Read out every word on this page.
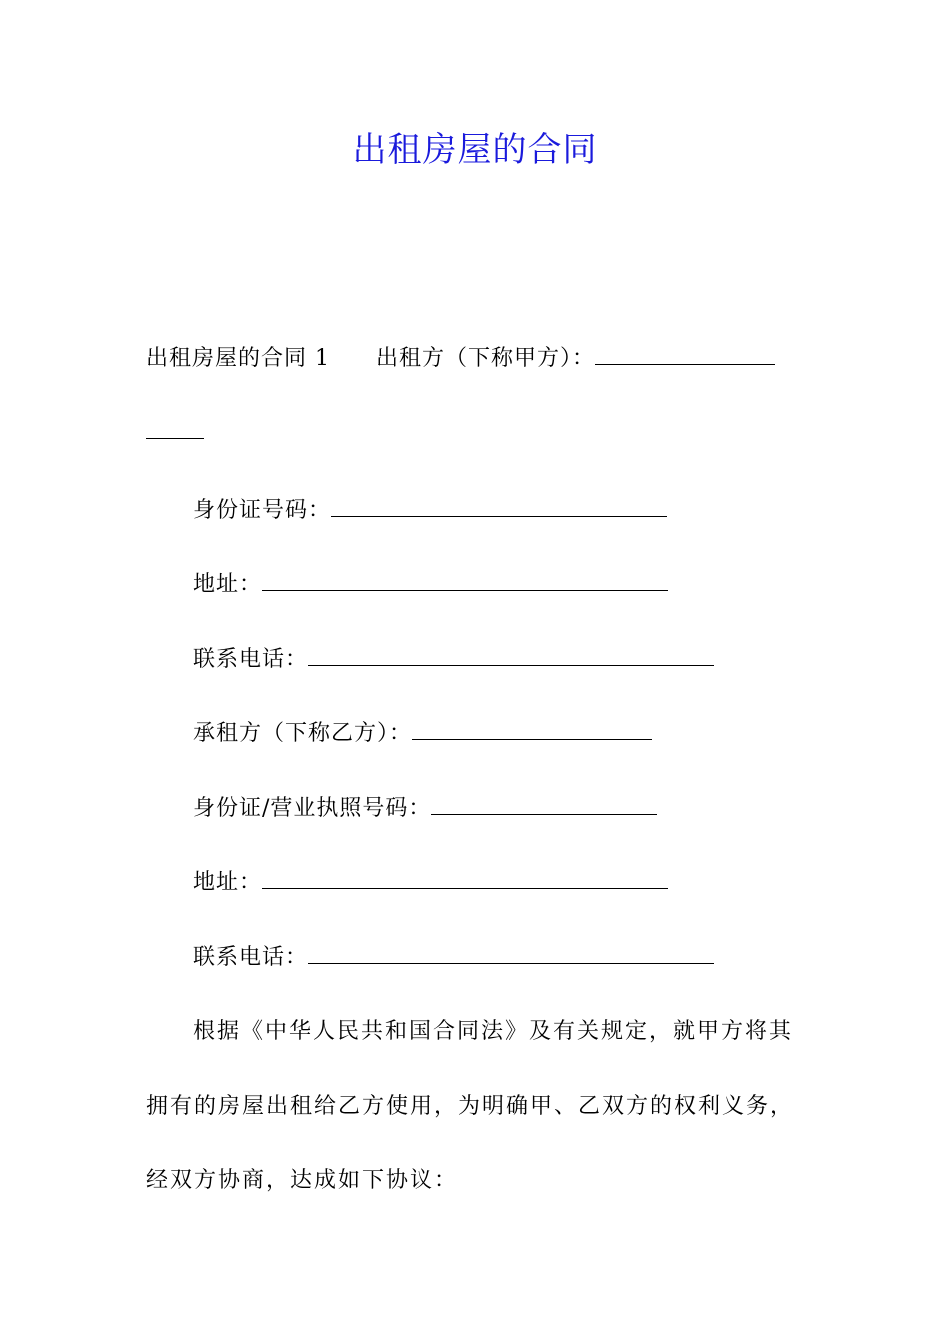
出租房屋的合同
出租房屋的合同 1 出租方（下称甲方）：
身份证号码：
地址：
联系电话：
承租方（下称乙方）：
身份证/营业执照号码：
地址：
联系电话：
根据《中华人民共和国合同法》及有关规定，就甲方将其
拥有的房屋出租给乙方使用，为明确甲、乙双方的权利义务，
经双方协商，达成如下协议：
